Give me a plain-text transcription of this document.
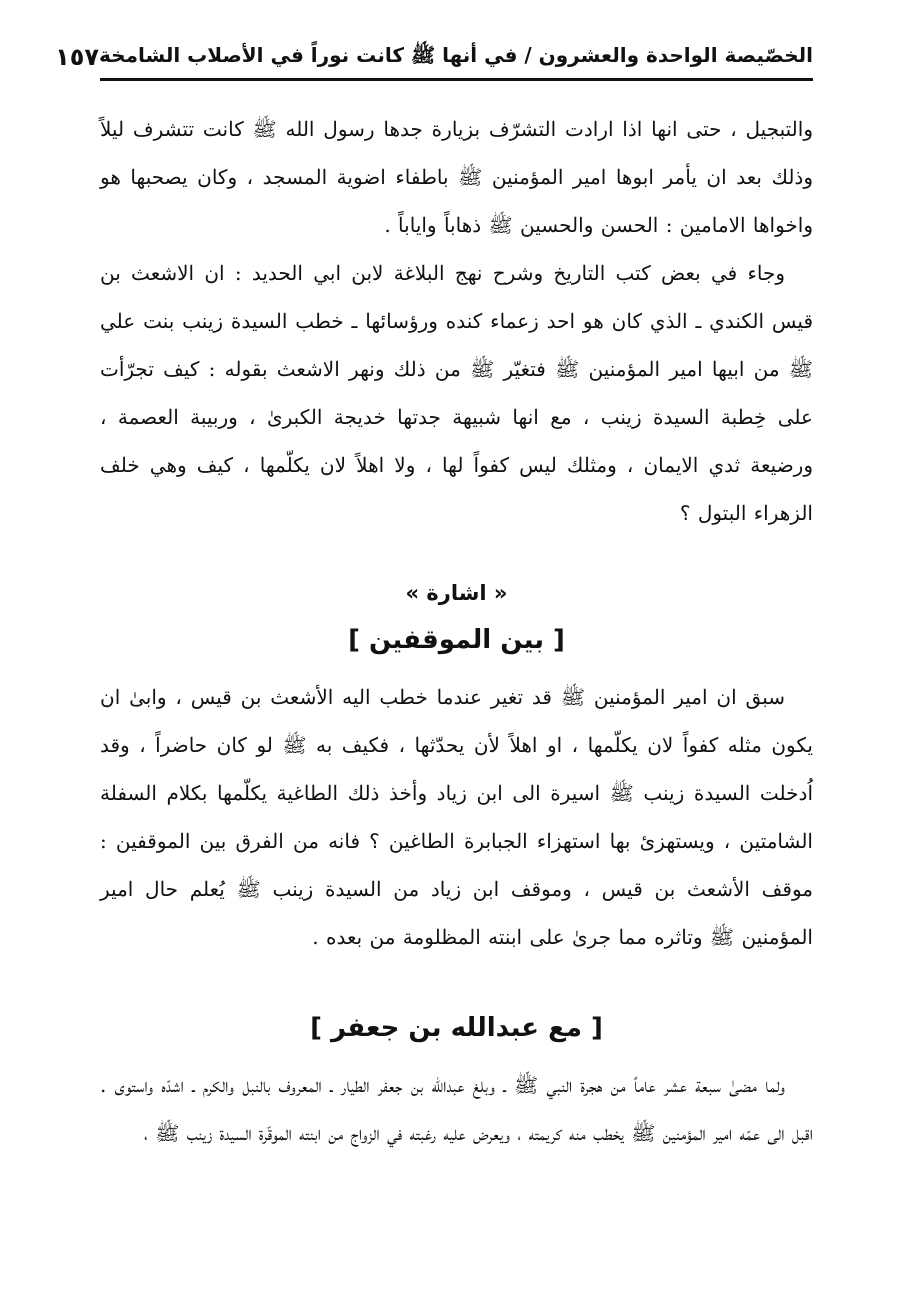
الخصّيصة الواحدة والعشرون / في أنها ﷺ كانت نوراً في الأصلاب الشامخة
١٥٧

والتبجيل ، حتى انها اذا ارادت التشرّف بزيارة جدها رسول الله ﷺ كانت تتشرف ليلاً وذلك بعد ان يأمر ابوها امير المؤمنين ﷺ باطفاء اضوية المسجد ، وكان يصحبها هو واخواها الامامين : الحسن والحسين ﷺ ذهاباً واياباً .

وجاء في بعض كتب التاريخ وشرح نهج البلاغة لابن ابي الحديد : ان الاشعث بن قيس الكندي ـ الذي كان هو احد زعماء كنده ورؤسائها ـ خطب السيدة زينب بنت علي ﷺ من ابيها امير المؤمنين ﷺ فتغيّر ﷺ من ذلك ونهر الاشعث بقوله : كيف تجرّأت على خِطبة السيدة زينب ، مع انها شبيهة جدتها خديجة الكبرىٰ ، وربيبة العصمة ، ورضيعة ثدي الايمان ، ومثلك ليس كفواً لها ، ولا اهلاً لان يكلّمها ، كيف وهي خلف الزهراء البتول ؟

« اشارة »
[ بين الموقفين ]

سبق ان امير المؤمنين ﷺ قد تغير عندما خطب اليه الأشعث بن قيس ، وابىٰ ان يكون مثله كفواً لان يكلّمها ، او اهلاً لأن يحدّثها ، فكيف به ﷺ لو كان حاضراً ، وقد اُدخلت السيدة زينب ﷺ اسيرة الى ابن زياد وأخذ ذلك الطاغية يكلّمها بكلام السفلة الشامتين ، ويستهزئ بها استهزاء الجبابرة الطاغين ؟ فانه من الفرق بين الموقفين : موقف الأشعث بن قيس ، وموقف ابن زياد من السيدة زينب ﷺ يُعلم حال امير المؤمنين ﷺ وتاثره مما جرىٰ على ابنته المظلومة من بعده .

[ مع عبدالله بن جعفر ]

ولما مضىٰ سبعة عشر عاماً من هجرة النبي ﷺ ـ وبلغ عبدالله بن جعفر الطيار ـ المعروف بالنبل والكرم ـ اشدّه واستوى . اقبل الى عمّه امير المؤمنين ﷺ يخطب منه كريمته ، ويعرض عليه رغبته في الزواج من ابنته الموقّرة السيدة زينب ﷺ ،
